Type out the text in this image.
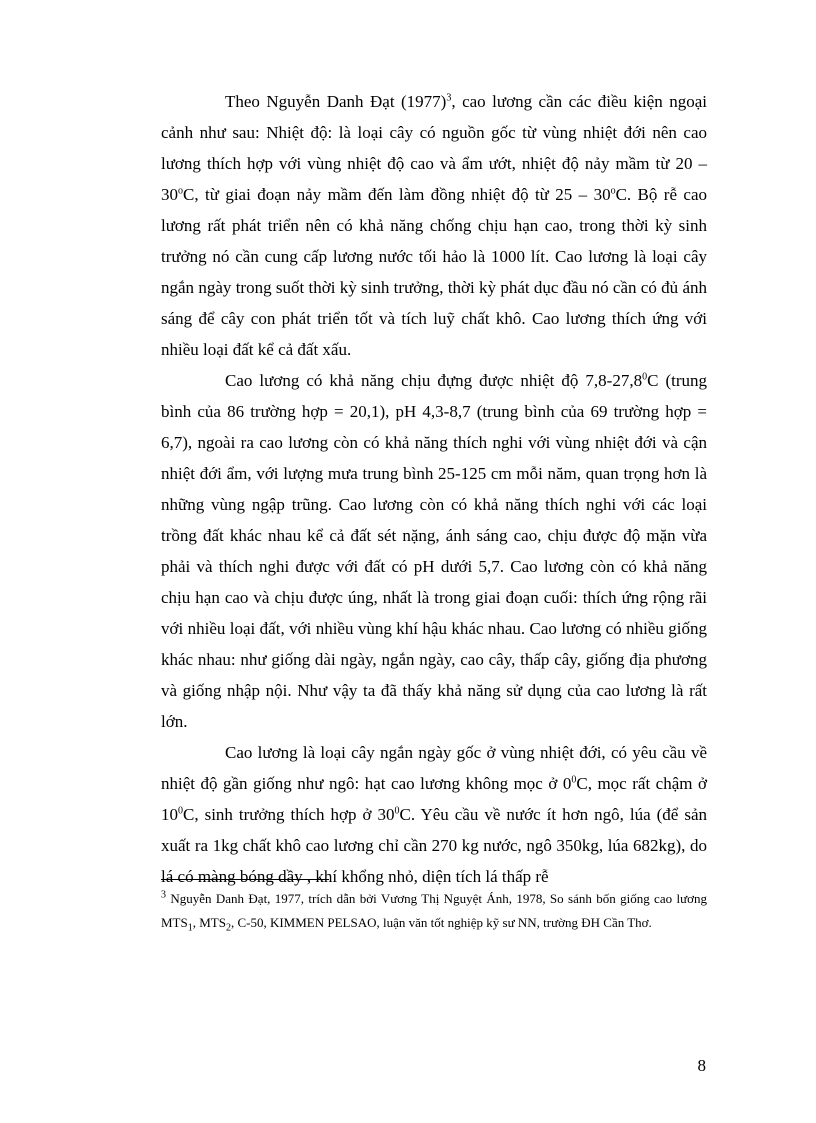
Theo Nguyễn Danh Đạt $(1977)^3$, cao lương cần các điều kiện ngoại cảnh như sau: Nhiệt độ: là loại cây có nguồn gốc từ vùng nhiệt đới nên cao lương thích hợp với vùng nhiệt độ cao và ẩm ướt, nhiệt độ nảy mầm từ 20 – 30$^o$C, từ giai đoạn nảy mầm đến làm đồng nhiệt độ từ 25 – 30$^o$C. Bộ rễ cao lương rất phát triển nên có khả năng chống chịu hạn cao, trong thời kỳ sinh trưởng nó cần cung cấp lương nước tối hảo là 1000 lít. Cao lương là loại cây ngắn ngày trong suốt thời kỳ sinh trưởng, thời kỳ phát dục đầu nó cần có đủ ánh sáng để cây con phát triển tốt và tích luỹ chất khô. Cao lương thích ứng với nhiều loại đất kể cả đất xấu.

Cao lương có khả năng chịu đựng được nhiệt độ 7,8-27,8$^0$C (trung bình của 86 trường hợp = 20,1), pH 4,3-8,7 (trung bình của 69 trường hợp = 6,7), ngoài ra cao lương còn có khả năng thích nghi với vùng nhiệt đới và cận nhiệt đới ẩm, với lượng mưa trung bình 25-125 cm mỗi năm, quan trọng hơn là những vùng ngập trũng. Cao lương còn có khả năng thích nghi với các loại trồng đất khác nhau kể cả đất sét nặng, ánh sáng cao, chịu được độ mặn vừa phải và thích nghi được với đất có pH dưới 5,7. Cao lương còn có khả năng chịu hạn cao và chịu được úng, nhất là trong giai đoạn cuối: thích ứng rộng rãi với nhiều loại đất, với nhiều vùng khí hậu khác nhau. Cao lương có nhiều giống khác nhau: như giống dài ngày, ngắn ngày, cao cây, thấp cây, giống địa phương và giống nhập nội. Như vậy ta đã thấy khả năng sử dụng của cao lương là rất lớn.

Cao lương là loại cây ngắn ngày gốc ở vùng nhiệt đới, có yêu cầu về nhiệt độ gần giống như ngô: hạt cao lương không mọc ở $0^0C$, mọc rất chậm ở $10^0C$, sinh trưởng thích hợp ở $30^0C$. Yêu cầu về nước ít hơn ngô, lúa (để sản xuất ra 1kg chất khô cao lương chỉ cần 270 kg nước, ngô 350kg, lúa 682kg), do lá có màng bóng dầy , khí khổng nhỏ, diện tích lá thấp rễ

$^3$ Nguyễn Danh Đạt, 1977, trích dẫn bởi Vương Thị Nguyệt Ánh, 1978, So sánh bốn giống cao lương $MTS_1$, $MTS_2$, C-50, KIMMEN PELSAO, luận văn tốt nghiệp kỹ sư NN, trường ĐH Cần Thơ.

8
